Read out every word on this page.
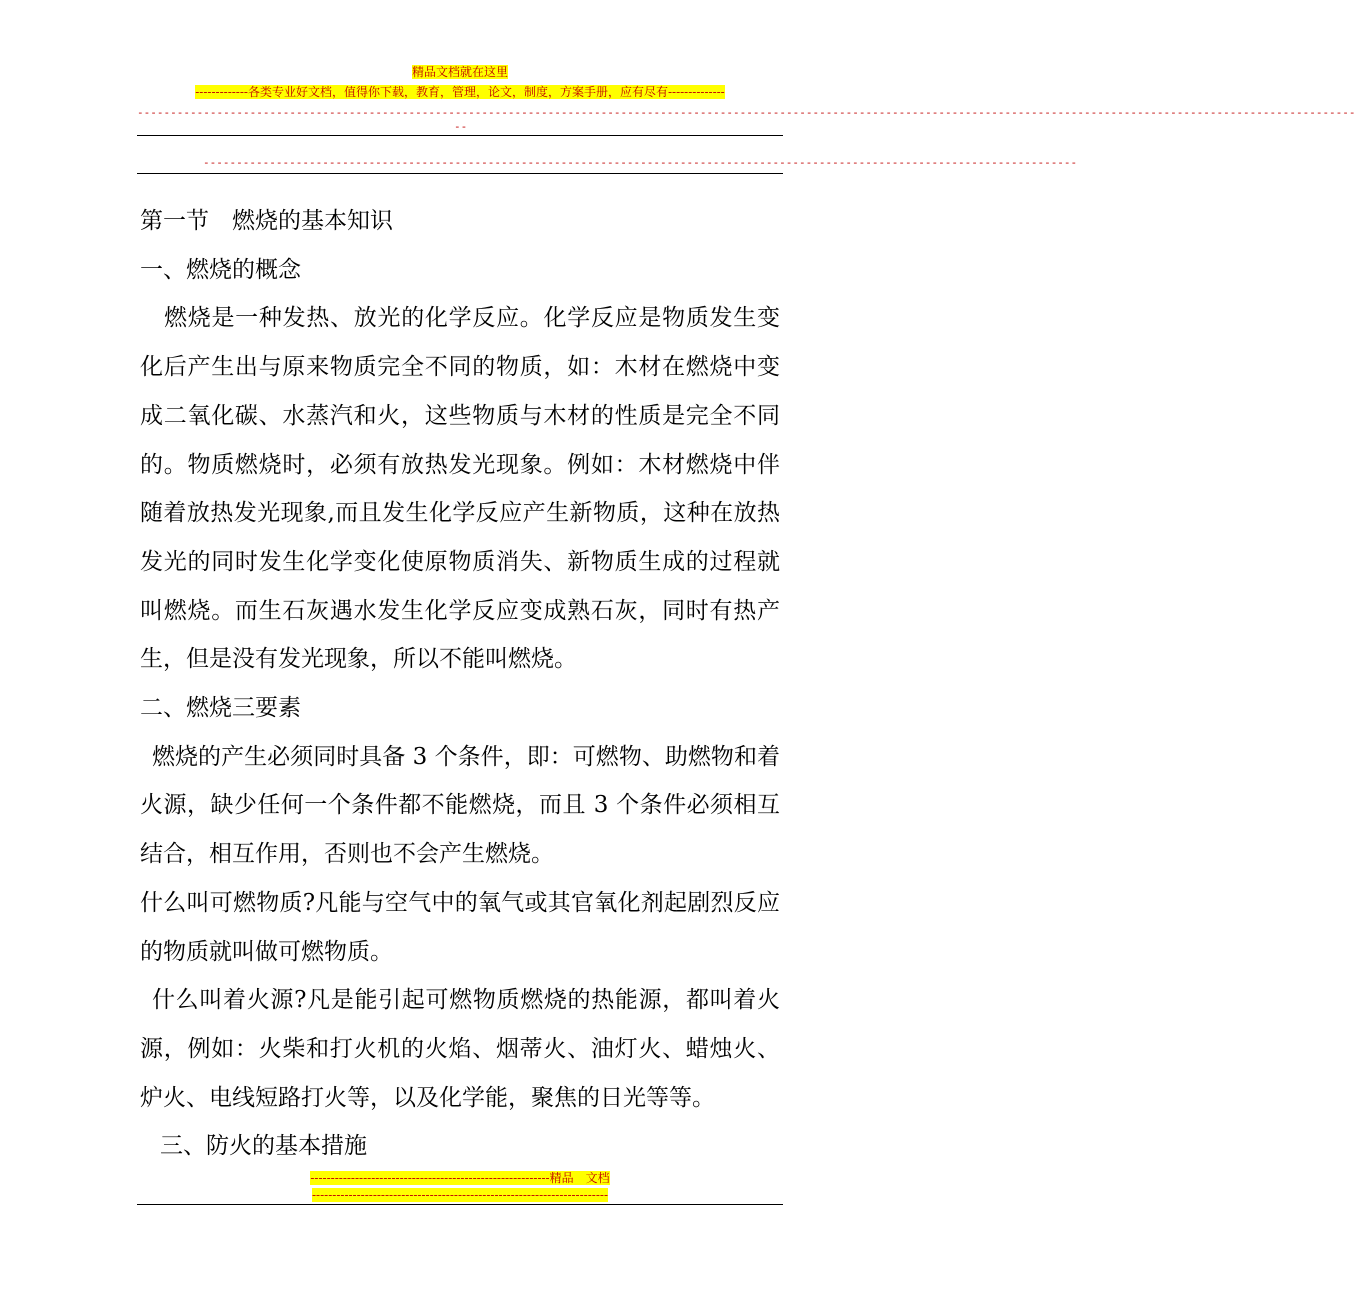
精品文档就在这里
-------------各类专业好文档，值得你下载，教育，管理，论文，制度，方案手册，应有尽有--------------
----------------------------------------------------------------------------------------------------------------------------------------------------------------------------------------
--
------------------------------------------------------------------------------------------------------------------------------------

第一节　燃烧的基本知识

一、燃烧的概念

燃烧是一种发热、放光的化学反应。化学反应是物质发生变化后产生出与原来物质完全不同的物质，如：木材在燃烧中变成二氧化碳、水蒸汽和火，这些物质与木材的性质是完全不同的。物质燃烧时，必须有放热发光现象。例如：木材燃烧中伴随着放热发光现象,而且发生化学反应产生新物质，这种在放热发光的同时发生化学变化使原物质消失、新物质生成的过程就叫燃烧。而生石灰遇水发生化学反应变成熟石灰，同时有热产生，但是没有发光现象，所以不能叫燃烧。

二、燃烧三要素

燃烧的产生必须同时具备 3 个条件，即：可燃物、助燃物和着火源，缺少任何一个条件都不能燃烧，而且 3 个条件必须相互结合，相互作用，否则也不会产生燃烧。

什么叫可燃物质?凡能与空气中的氧气或其官氧化剂起剧烈反应的物质就叫做可燃物质。

什么叫着火源?凡是能引起可燃物质燃烧的热能源，都叫着火源，例如：火柴和打火机的火焰、烟蒂火、油灯火、蜡烛火、炉火、电线短路打火等，以及化学能，聚焦的日光等等。

三、防火的基本措施

-----------------------------------------------------------精品　文档
-------------------------------------------------------------------------
